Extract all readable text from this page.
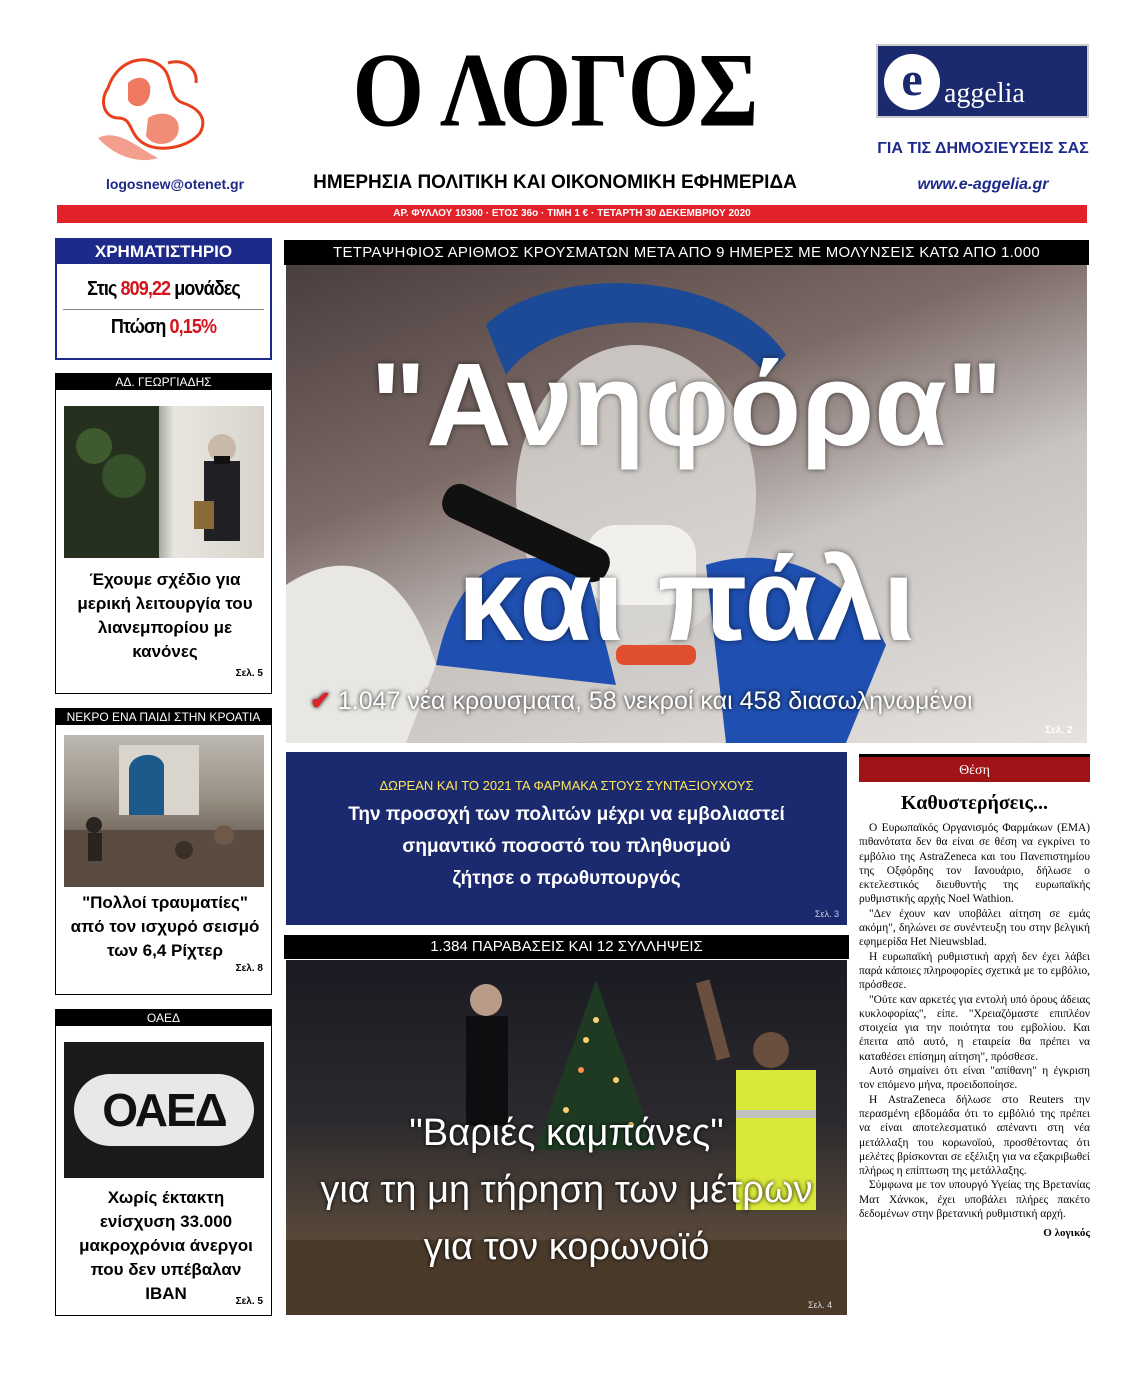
Ο ΛΟΓΟΣ
ΗΜΕΡΗΣΙΑ ΠΟΛΙΤΙΚΗ ΚΑΙ ΟΙΚΟΝΟΜΙΚΗ ΕΦΗΜΕΡΙΔΑ
logosnew@otenet.gr
ΑΡ. ΦΥΛΛΟΥ 10300 · ΕΤΟΣ 36ο · ΤΙΜΗ 1 € · ΤΕΤΑΡΤΗ 30 ΔΕΚΕΜΒΡΙΟΥ 2020
e aggelia
ΓΙΑ ΤΙΣ ΔΗΜΟΣΙΕΥΣΕΙΣ ΣΑΣ
www.e-aggelia.gr
ΧΡΗΜΑΤΙΣΤΗΡΙΟ
Στις 809,22 μονάδες
Πτώση 0,15%
ΑΔ. ΓΕΩΡΓΙΑΔΗΣ
Έχουμε σχέδιο για μερική λειτουργία του λιανεμπορίου με κανόνες
Σελ. 5
ΝΕΚΡΟ ΕΝΑ ΠΑΙΔΙ ΣΤΗΝ ΚΡΟΑΤΙΑ
"Πολλοί τραυματίες" από τον ισχυρό σεισμό των 6,4 Ρίχτερ
Σελ. 8
ΟΑΕΔ
ΟΑΕΔ
Χωρίς έκτακτη ενίσχυση 33.000 μακροχρόνια άνεργοι που δεν υπέβαλαν IBAN	Σελ. 5
ΤΕΤΡΑΨΗΦΙΟΣ ΑΡΙΘΜΟΣ ΚΡΟΥΣΜΑΤΩΝ ΜΕΤΑ ΑΠΟ 9 ΗΜΕΡΕΣ ΜΕ ΜΟΛΥΝΣΕΙΣ ΚΑΤΩ ΑΠΟ 1.000
"Ανηφόρα"
και πάλι
✔ 1.047 νέα κρουσματα, 58 νεκροί και 458 διασωληνωμένοι
Σελ. 2
ΔΩΡΕΑΝ ΚΑΙ ΤΟ 2021 ΤΑ ΦΑΡΜΑΚΑ ΣΤΟΥΣ ΣΥΝΤΑΞΙΟΥΧΟΥΣ
Την προσοχή των πολιτών μέχρι να εμβολιαστεί
σημαντικό ποσοστό του πληθυσμού
ζήτησε ο πρωθυπουργός
Σελ. 3
Θέση
Καθυστερήσεις...

Ο Ευρωπαϊκός Οργανισμός Φαρμάκων (ΕΜΑ) πιθανότατα δεν θα είναι σε θέση να εγκρίνει το εμβόλιο της AstraZeneca και του Πανεπιστημίου της Οξφόρδης τον Ιανουάριο, δήλωσε ο εκτελεστικός διευθυντής της ευρωπαϊκής ρυθμιστικής αρχής Noel Wathion.

"Δεν έχουν καν υποβάλει αίτηση σε εμάς ακόμη", δηλώνει σε συνέντευξη του στην βελγική εφημερίδα Het Nieuwsblad.

Η ευρωπαϊκή ρυθμιστική αρχή δεν έχει λάβει παρά κάποιες πληροφορίες σχετικά με το εμβόλιο, πρόσθεσε.

"Ούτε καν αρκετές για εντολή υπό όρους άδειας κυκλοφορίας", είπε. "Χρειαζόμαστε επιπλέον στοιχεία για την ποιότητα του εμβολίου. Και έπειτα από αυτό, η εταιρεία θα πρέπει να καταθέσει επίσημη αίτηση", πρόσθεσε.

Αυτό σημαίνει ότι είναι "απίθανη" η έγκριση τον επόμενο μήνα, προειδοποίησε.

Η AstraZeneca δήλωσε στο Reuters την περασμένη εβδομάδα ότι το εμβόλιό της πρέπει να είναι αποτελεσματικό απέναντι στη νέα μετάλλαξη του κορωνοϊού, προσθέτοντας ότι μελέτες βρίσκονται σε εξέλιξη για να εξακριβωθεί πλήρως η επίπτωση της μετάλλαξης.

Σύμφωνα με τον υπουργό Υγείας της Βρετανίας Ματ Χάνκοκ, έχει υποβάλει πλήρες πακέτο δεδομένων στην βρετανική ρυθμιστική αρχή.

Ο λογικός
1.384 ΠΑΡΑΒΑΣΕΙΣ ΚΑΙ 12 ΣΥΛΛΗΨΕΙΣ
"Βαριές καμπάνες"
για τη μη τήρηση των μέτρων
για τον κορωνοϊό
Σελ. 4
